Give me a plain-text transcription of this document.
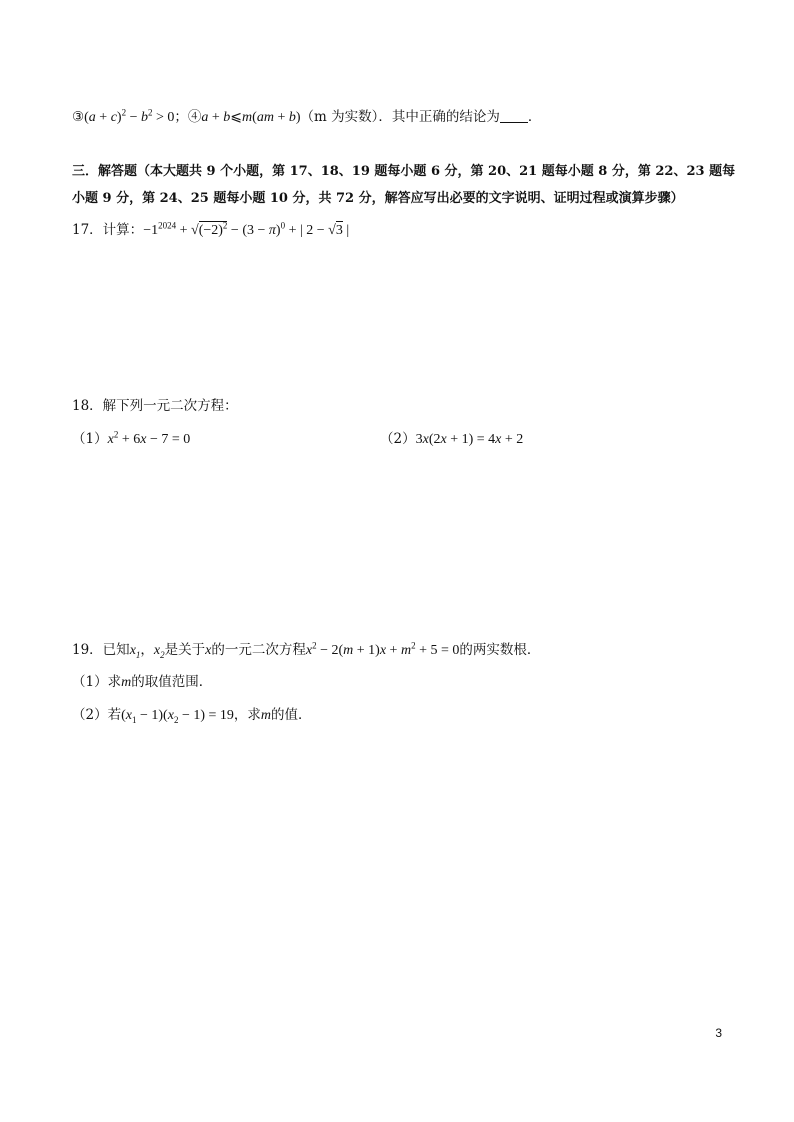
③(a + $c)^2 - b^2 > 0$；④a + b⩽m(am + b)（m 为实数）．其中正确的结论为 ．
三．解答题（本大题共 9 个小题，第 17、18、19 题每小题 6 分，第 20、21 题每小题 8 分，第 22、23 题每
小题 9 分，第 24、25 题每小题 10 分，共 72 分，解答应写出必要的文字说明、证明过程或演算步骤）
17．计算：$-1^{2024} + √(-2)^2 - (3 - \pi)^0$ + | 2 − √3 |
18．解下列一元二次方程：
$(1)x^2 + 6x - 7 = 0$	（2）3x(2x + 1) = 4x + 2
19．已知$x_1$，$x_2$是关于x的一元二次方程$x^2 - 2(m + 1)x + m^2 + 5 = 0$的两实数根．
（1）求m的取值范围．
（2）若$(x_1 - 1)(x_2 - 1) = 19$，求m的值．
3
